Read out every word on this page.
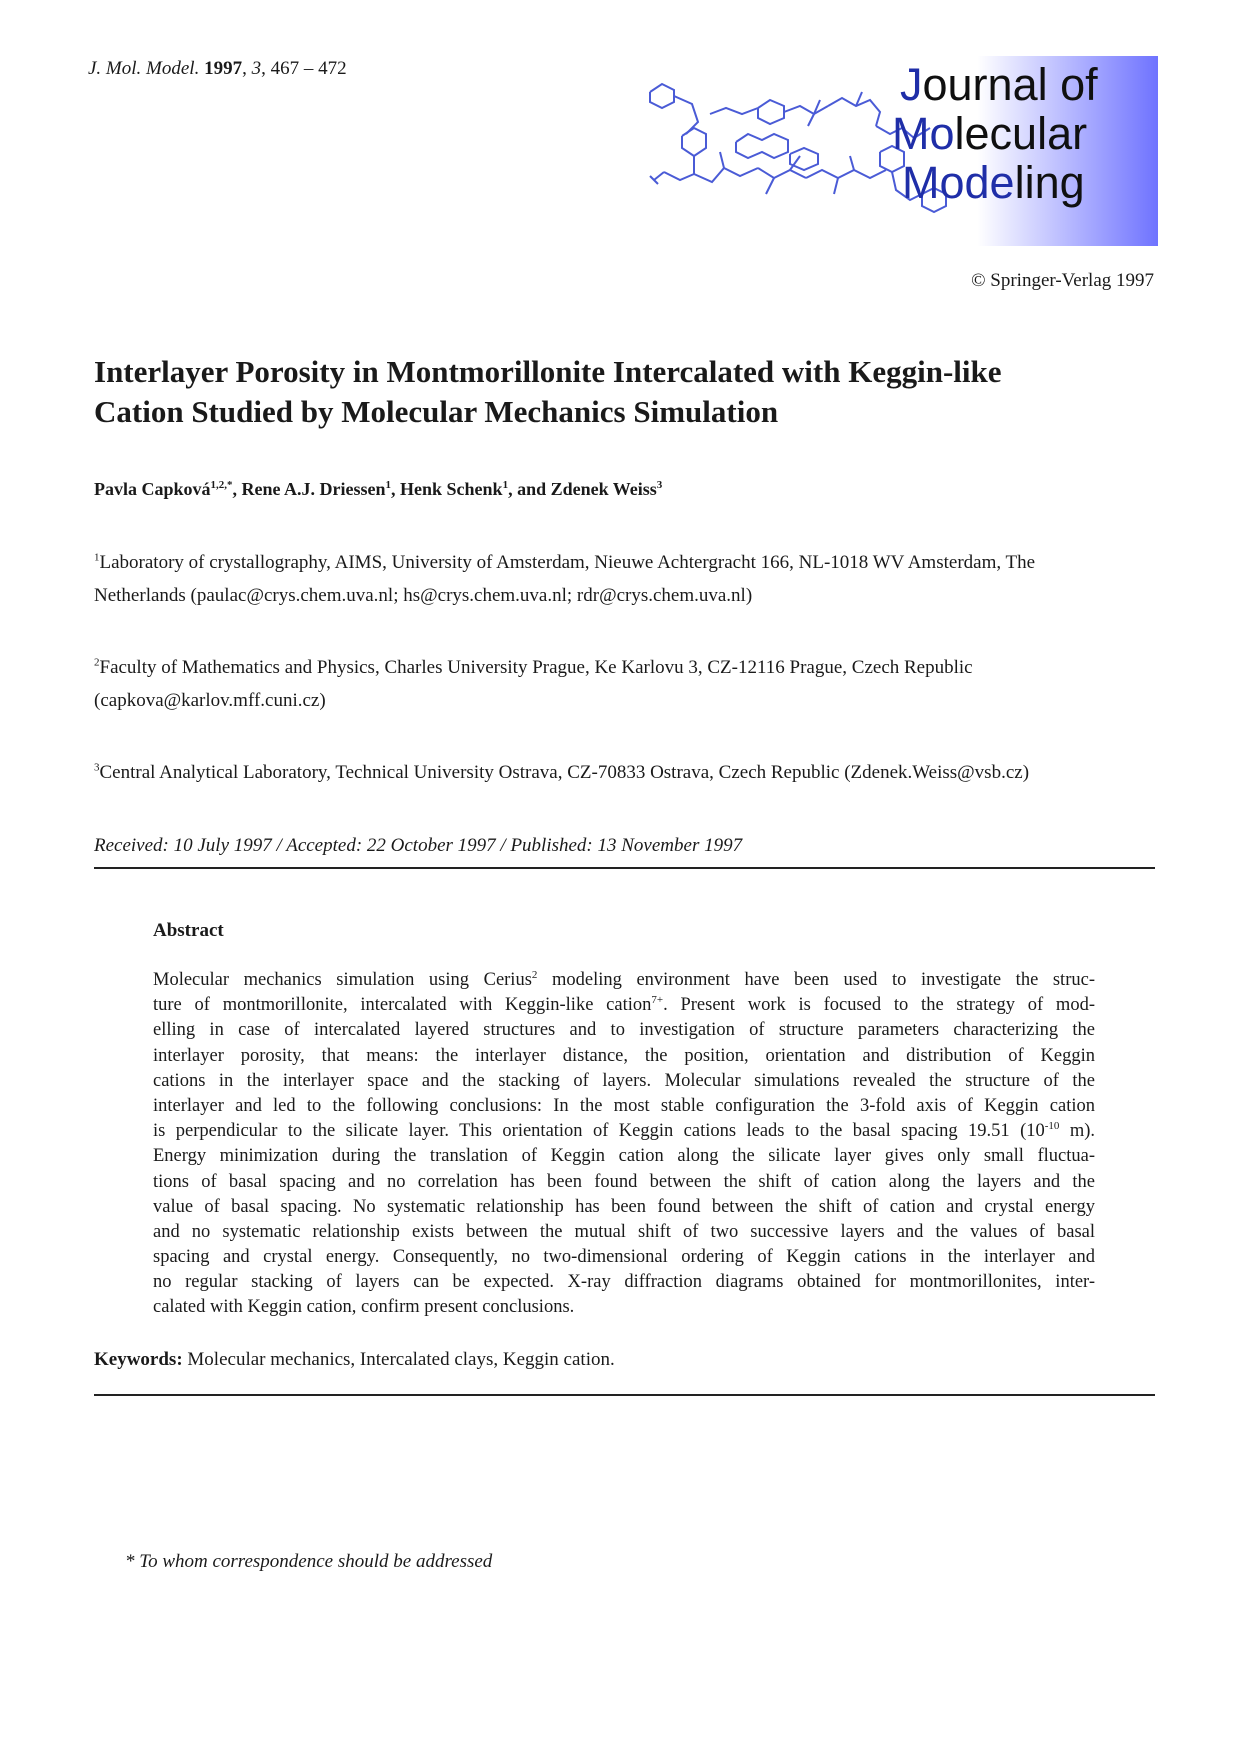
J. Mol. Model. 1997, 3, 467 – 472	Journal of
Molecular
Modeling
© Springer-Verlag 1997
Interlayer Porosity in Montmorillonite Intercalated with Keggin-like
Cation Studied by Molecular Mechanics Simulation
Pavla Capková$^{1,2,*}$, Rene A.J. Driessen$^1$, Henk Schenk$^1$, and Zdenek Weiss$^3$
$^1$Laboratory of crystallography, AIMS, University of Amsterdam, Nieuwe Achtergracht 166, NL-1018 WV Amsterdam, The
Netherlands (paulac@crys.chem.uva.nl; hs@crys.chem.uva.nl; rdr@crys.chem.uva.nl)
$^2$Faculty of Mathematics and Physics, Charles University Prague, Ke Karlovu 3, CZ-12116 Prague, Czech Republic
(capkova@karlov.mff.cuni.cz)
$^3$Central Analytical Laboratory, Technical University Ostrava, CZ-70833 Ostrava, Czech Republic (Zdenek.Weiss@vsb.cz)
Received: 10 July 1997 / Accepted: 22 October 1997 / Published: 13 November 1997
Abstract
Molecular mechanics simulation using Cerius$^2$ modeling environment have been used to investigate the struc-
ture of montmorillonite, intercalated with Keggin-like cation$^{7+}$. Present work is focused to the strategy of mod-
elling in case of intercalated layered structures and to investigation of structure parameters characterizing the
interlayer porosity, that means: the interlayer distance, the position, orientation and distribution of Keggin
cations in the interlayer space and the stacking of layers. Molecular simulations revealed the structure of the
interlayer and led to the following conclusions: In the most stable configuration the 3-fold axis of Keggin cation
is perpendicular to the silicate layer. This orientation of Keggin cations leads to the basal spacing 19.51 ($10^{-10}$ m).
Energy minimization during the translation of Keggin cation along the silicate layer gives only small fluctua-
tions of basal spacing and no correlation has been found between the shift of cation along the layers and the
value of basal spacing. No systematic relationship has been found between the shift of cation and crystal energy
and no systematic relationship exists between the mutual shift of two successive layers and the values of basal
spacing and crystal energy. Consequently, no two-dimensional ordering of Keggin cations in the interlayer and
no regular stacking of layers can be expected. X-ray diffraction diagrams obtained for montmorillonites, inter-
calated with Keggin cation, confirm present conclusions.
Keywords: Molecular mechanics, Intercalated clays, Keggin cation.
* To whom correspondence should be addressed
